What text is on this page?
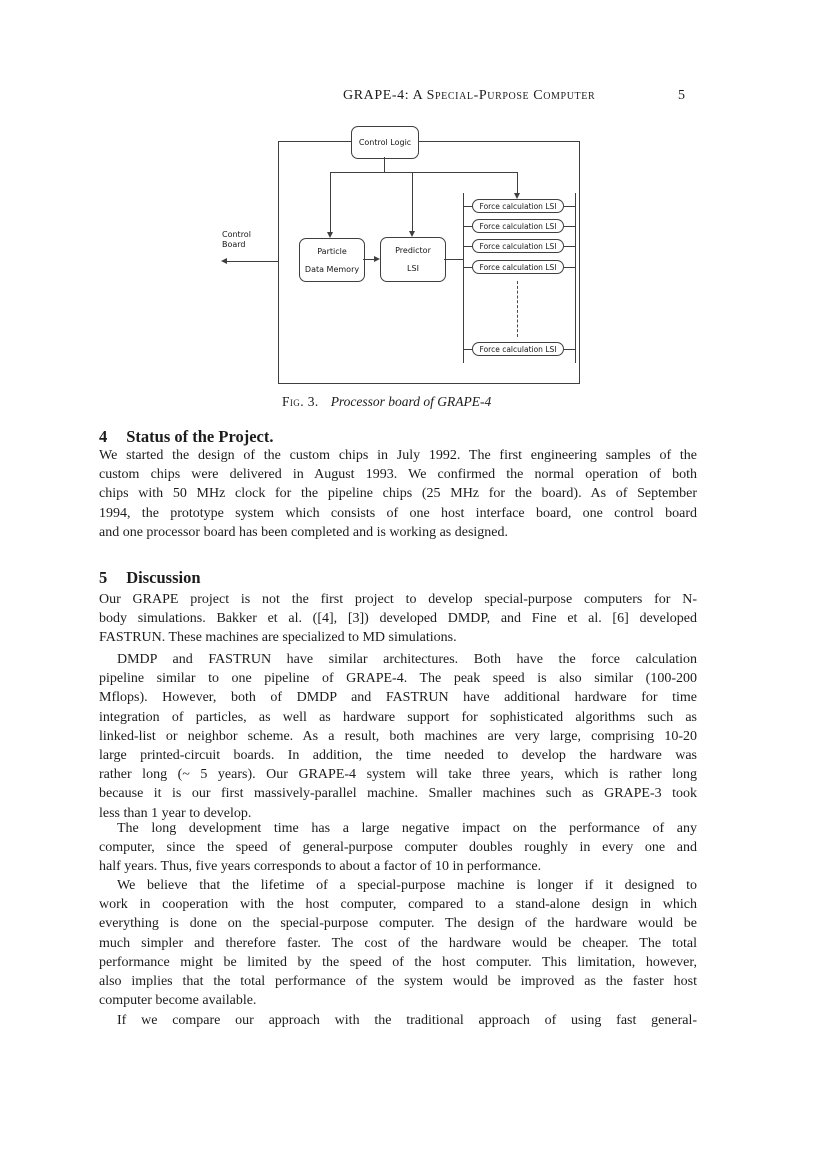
GRAPE-4: A Special-Purpose Computer	5
Control Logic
Particle
Data Memory
Predictor
LSI
Force calculation LSI
Force calculation LSI
Force calculation LSI
Force calculation LSI
Force calculation LSI
Control
Board
Fig. 3. Processor board of GRAPE-4
4 Status of the Project.
We started the design of the custom chips in July 1992. The first engineering samples of the
custom chips were delivered in August 1993. We confirmed the normal operation of both
chips with 50 MHz clock for the pipeline chips (25 MHz for the board). As of September
1994, the prototype system which consists of one host interface board, one control board
and one processor board has been completed and is working as designed.
5 Discussion
Our GRAPE project is not the first project to develop special-purpose computers for N-
body simulations. Bakker et al. ([4], [3]) developed DMDP, and Fine et al. [6] developed
FASTRUN. These machines are specialized to MD simulations.
DMDP and FASTRUN have similar architectures. Both have the force calculation
pipeline similar to one pipeline of GRAPE-4. The peak speed is also similar (100-200
Mflops). However, both of DMDP and FASTRUN have additional hardware for time
integration of particles, as well as hardware support for sophisticated algorithms such as
linked-list or neighbor scheme. As a result, both machines are very large, comprising 10-20
large printed-circuit boards. In addition, the time needed to develop the hardware was
rather long (~ 5 years). Our GRAPE-4 system will take three years, which is rather long
because it is our first massively-parallel machine. Smaller machines such as GRAPE-3 took
less than 1 year to develop.
The long development time has a large negative impact on the performance of any
computer, since the speed of general-purpose computer doubles roughly in every one and
half years. Thus, five years corresponds to about a factor of 10 in performance.
We believe that the lifetime of a special-purpose machine is longer if it designed to
work in cooperation with the host computer, compared to a stand-alone design in which
everything is done on the special-purpose computer. The design of the hardware would be
much simpler and therefore faster. The cost of the hardware would be cheaper. The total
performance might be limited by the speed of the host computer. This limitation, however,
also implies that the total performance of the system would be improved as the faster host
computer become available.
If we compare our approach with the traditional approach of using fast general-
